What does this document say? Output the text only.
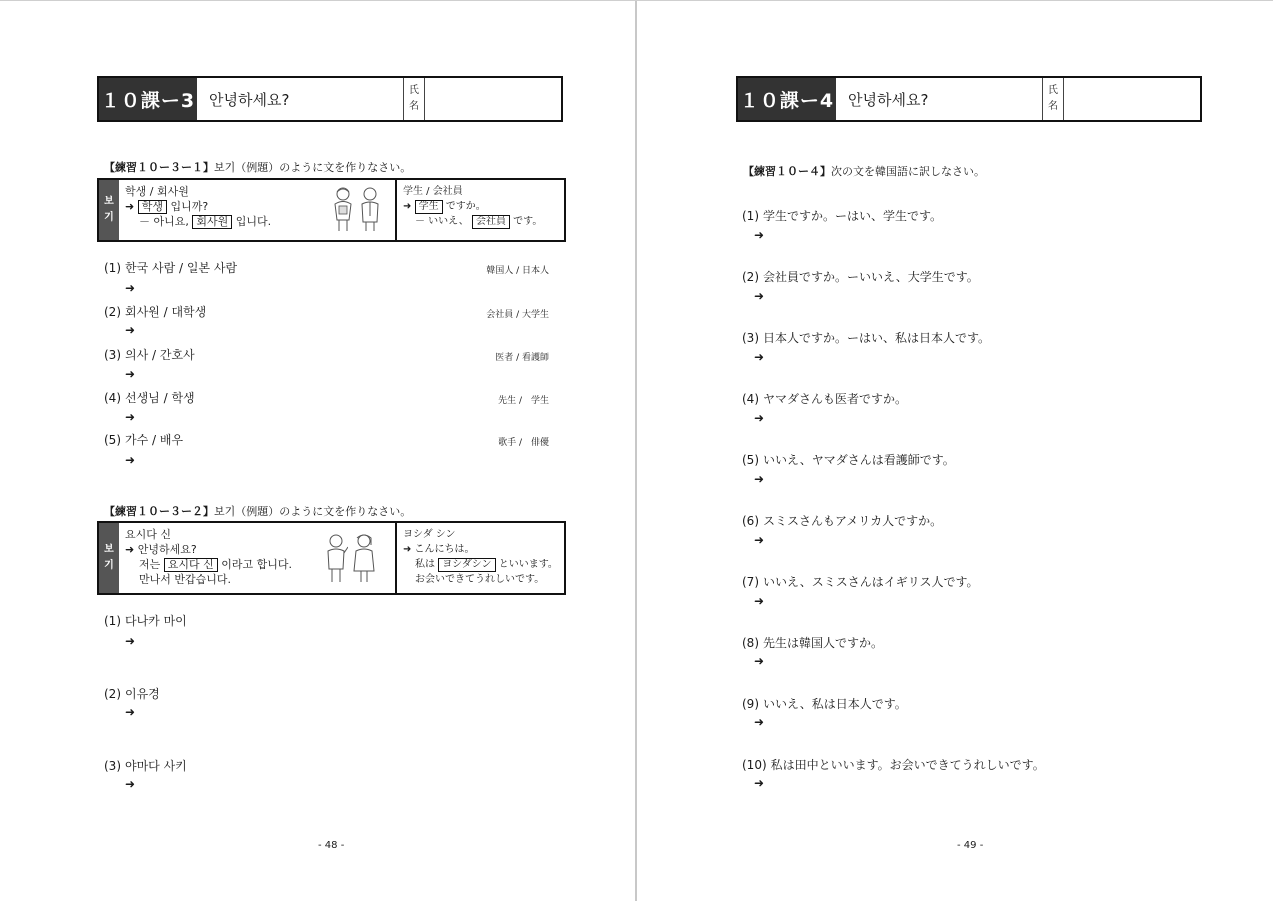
１０課ー3 안녕하세요?	氏
名
【練習１０ー３ー１】보기（例題）のように文を作りなさい。
보
기
학생 / 회사원
➜ 학생 입니까?
－ 아니요, 회사원 입니다.
学生 / 会社員
➜ 学生 ですか。
－ いいえ、 会社員 です。
(1) 한국 사람 / 일본 사람	韓国人 / 日本人
➜
(2) 회사원 / 대학생	会社員 / 大学生
➜
(3) 의사 / 간호사	医者 / 看護師
➜
(4) 선생님 / 학생	先生 /　学生
➜
(5) 가수 / 배우	歌手 /　俳優
➜
【練習１０ー３ー２】보기（例題）のように文を作りなさい。
보
기
요시다 신
➜ 안녕하세요?
저는 요시다 신 이라고 합니다.
만나서 반갑습니다.
ヨシダ シン
➜ こんにちは。
私は ヨシダシン といいます。
お会いできてうれしいです。
(1) 다나카 마이
➜
(2) 이유경
➜
(3) 야마다 사키
➜
- 48 -
１０課ー4 안녕하세요?	氏
名
【練習１０ー４】次の文を韓国語に訳しなさい。
(1) 学生ですか。ーはい、学生です。
➜
(2) 会社員ですか。ーいいえ、大学生です。
➜
(3) 日本人ですか。ーはい、私は日本人です。
➜
(4) ヤマダさんも医者ですか。
➜
(5) いいえ、ヤマダさんは看護師です。
➜
(6) スミスさんもアメリカ人ですか。
➜
(7) いいえ、スミスさんはイギリス人です。
➜
(8) 先生は韓国人ですか。
➜
(9) いいえ、私は日本人です。
➜
(10) 私は田中といいます。お会いできてうれしいです。
➜
- 49 -
